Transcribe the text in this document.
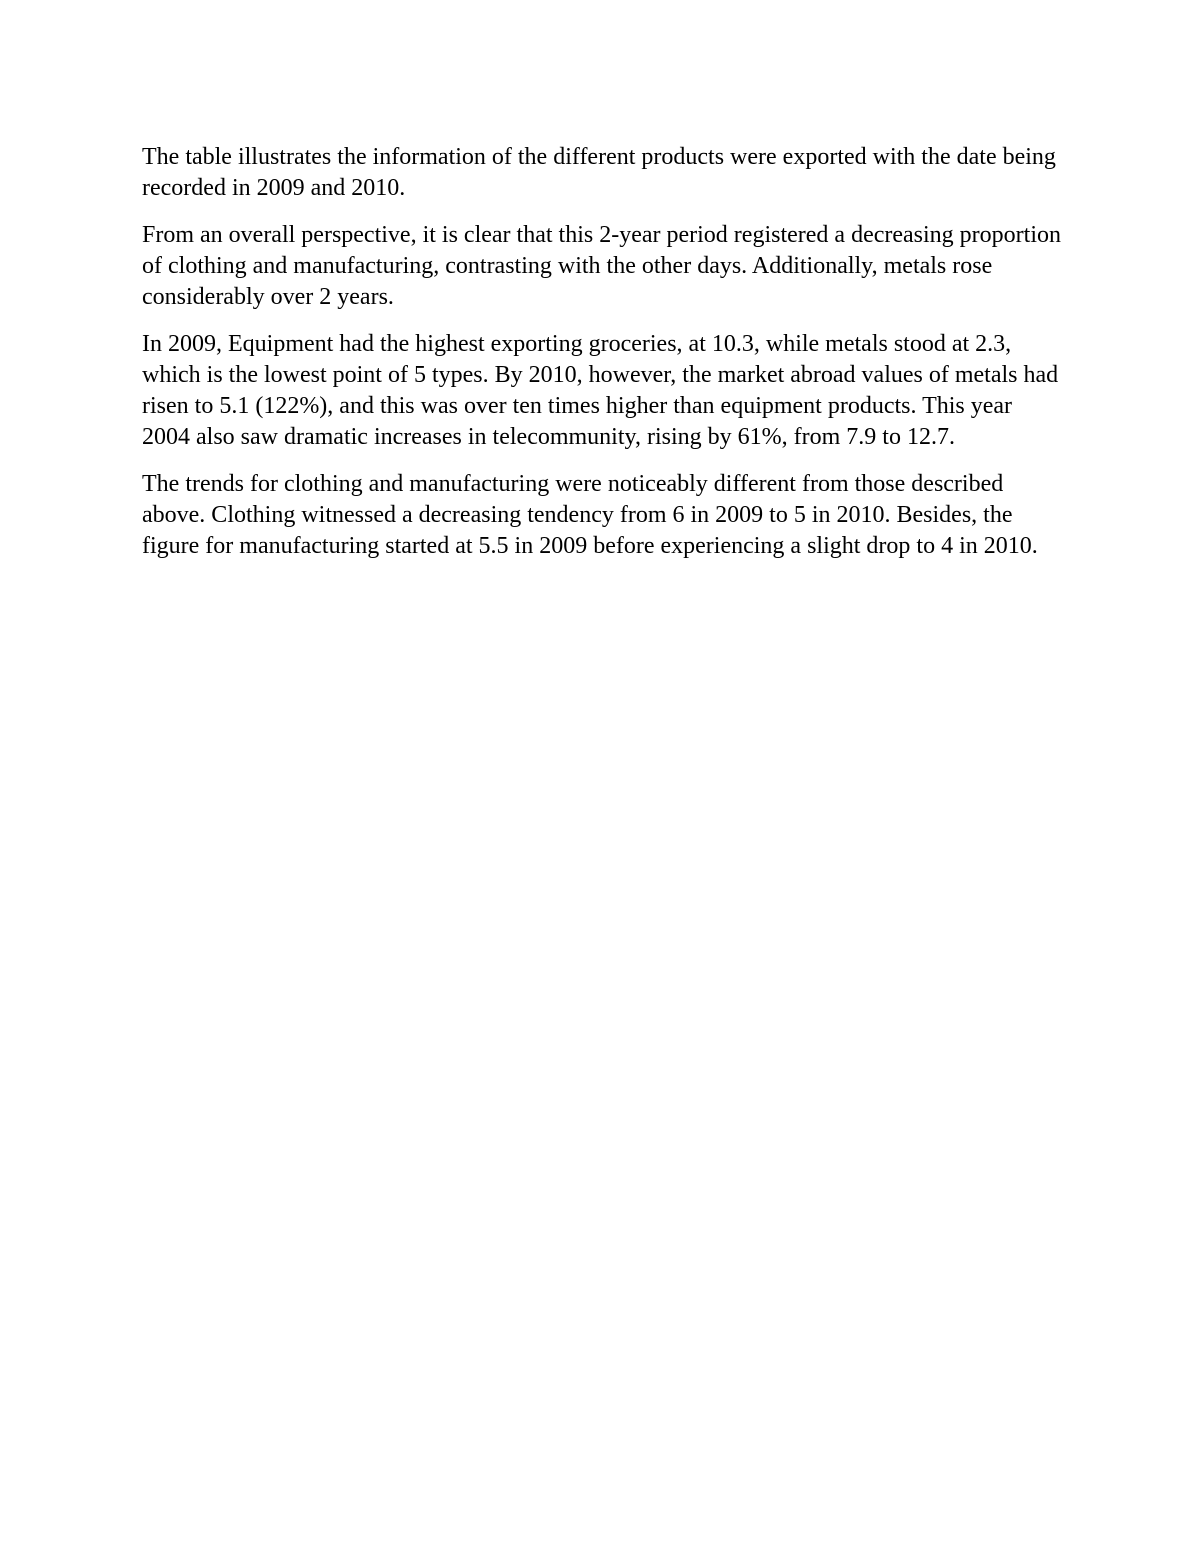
The table illustrates the information of the different products were exported with the date being recorded in 2009 and 2010.

From an overall perspective, it is clear that this 2-year period registered a decreasing proportion of clothing and manufacturing, contrasting with the other days. Additionally, metals rose considerably over 2 years.

In 2009, Equipment had the highest exporting groceries, at 10.3, while metals stood at 2.3, which is the lowest point of 5 types. By 2010, however, the market abroad values of metals had risen to 5.1 (122%), and this was over ten times higher than equipment products. This year 2004 also saw dramatic increases in telecommunity, rising by 61%, from 7.9 to 12.7.

The trends for clothing and manufacturing were noticeably different from those described above. Clothing witnessed a decreasing tendency from 6 in 2009 to 5 in 2010. Besides, the figure for manufacturing started at 5.5 in 2009 before experiencing a slight drop to 4 in 2010.
